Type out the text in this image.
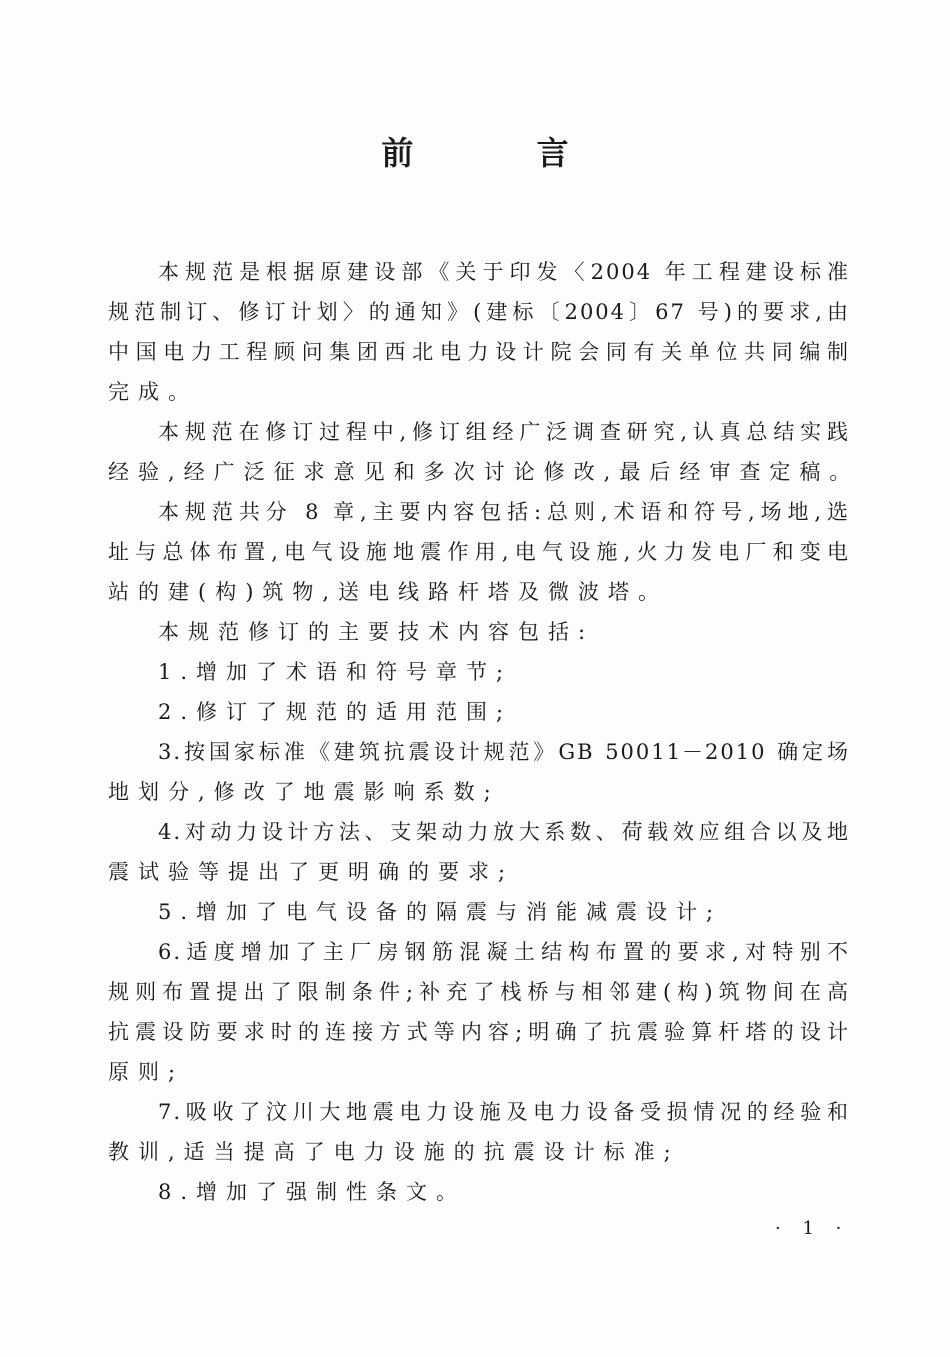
前 言
本规范是根据原建设部《关于印发〈2004 年工程建设标准
规范制订、修订计划〉的通知》(建标〔2004〕67 号)的要求,由
中国电力工程顾问集团西北电力设计院会同有关单位共同编制
完成。
本规范在修订过程中,修订组经广泛调查研究,认真总结实践
经验,经广泛征求意见和多次讨论修改,最后经审查定稿。
本规范共分 8 章,主要内容包括:总则,术语和符号,场地,选
址与总体布置,电气设施地震作用,电气设施,火力发电厂和变电
站的建(构)筑物,送电线路杆塔及微波塔。
本规范修订的主要技术内容包括:
1.增加了术语和符号章节;
2.修订了规范的适用范围;
3.按国家标准《建筑抗震设计规范》GB 50011－2010 确定场
地划分,修改了地震影响系数;
4.对动力设计方法、支架动力放大系数、荷载效应组合以及地
震试验等提出了更明确的要求;
5.增加了电气设备的隔震与消能减震设计;
6.适度增加了主厂房钢筋混凝土结构布置的要求,对特别不
规则布置提出了限制条件;补充了栈桥与相邻建(构)筑物间在高
抗震设防要求时的连接方式等内容;明确了抗震验算杆塔的设计
原则;
7.吸收了汶川大地震电力设施及电力设备受损情况的经验和
教训,适当提高了电力设施的抗震设计标准;
8.增加了强制性条文。
· 1 ·
